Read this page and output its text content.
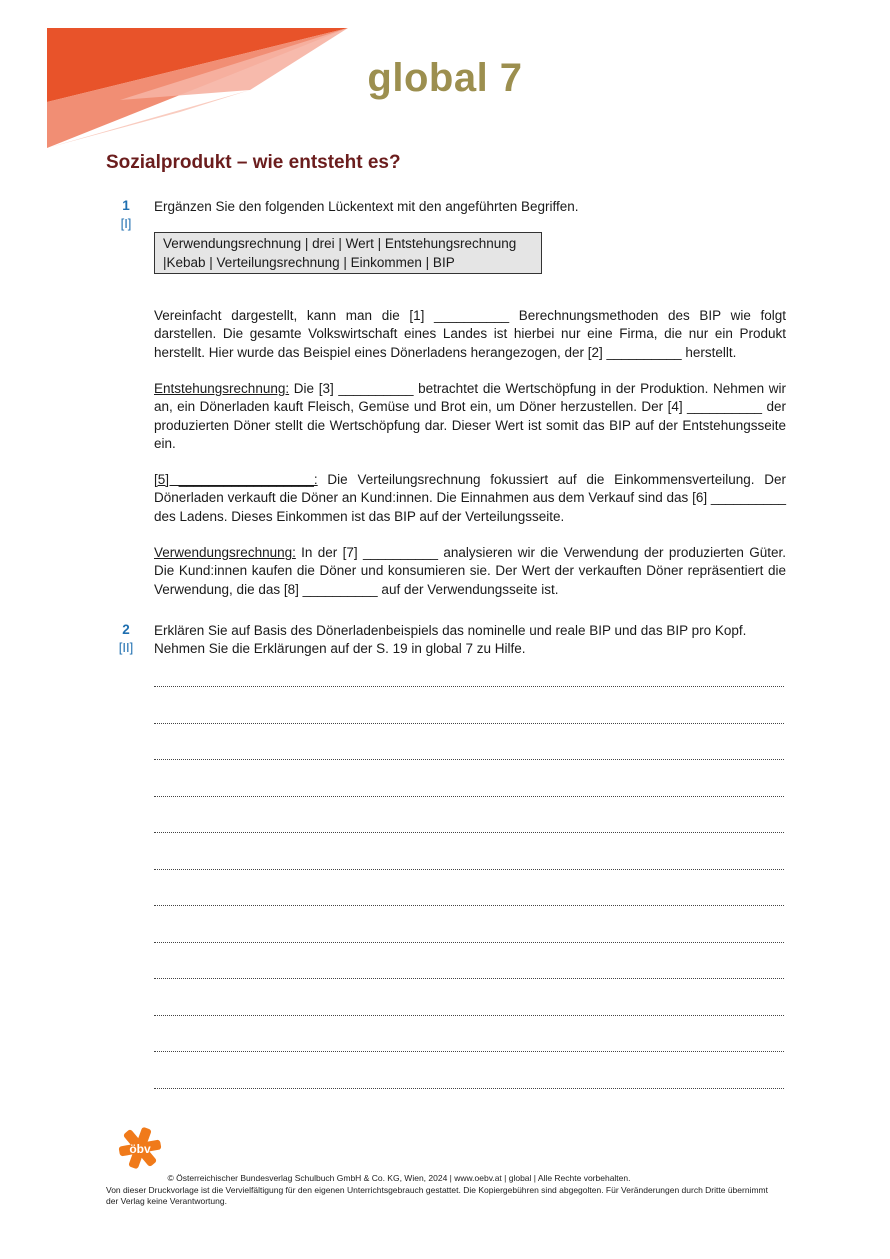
global 7
Sozialprodukt – wie entsteht es?
1
[I]
Ergänzen Sie den folgenden Lückentext mit den angeführten Begriffen.
Verwendungsrechnung | drei | Wert | Entstehungsrechnung
|Kebab | Verteilungsrechnung | Einkommen | BIP

Vereinfacht dargestellt, kann man die [1] __________ Berechnungsmethoden des BIP wie folgt darstellen. Die gesamte Volkswirtschaft eines Landes ist hierbei nur eine Firma, die nur ein Produkt herstellt. Hier wurde das Beispiel eines Dönerladens herangezogen, der [2] __________ herstellt.

Entstehungsrechnung: Die [3] __________ betrachtet die Wertschöpfung in der Produktion. Nehmen wir an, ein Dönerladen kauft Fleisch, Gemüse und Brot ein, um Döner herzustellen. Der [4] __________ der produzierten Döner stellt die Wertschöpfung dar. Dieser Wert ist somit das BIP auf der Entstehungsseite ein.

[5] __________________: Die Verteilungsrechnung fokussiert auf die Einkommensverteilung. Der Dönerladen verkauft die Döner an Kund:innen. Die Einnahmen aus dem Verkauf sind das [6] __________ des Ladens. Dieses Einkommen ist das BIP auf der Verteilungsseite.

Verwendungsrechnung: In der [7] __________ analysieren wir die Verwendung der produzierten Güter. Die Kund:innen kaufen die Döner und konsumieren sie. Der Wert der verkauften Döner repräsentiert die Verwendung, die das [8] __________ auf der Verwendungsseite ist.

2
[II]
Erklären Sie auf Basis des Dönerladenbeispiels das nominelle und reale BIP und das BIP pro Kopf.
Nehmen Sie die Erklärungen auf der S. 19 in global 7 zu Hilfe.
öbv
© Österreichischer Bundesverlag Schulbuch GmbH & Co. KG, Wien, 2024 | www.oebv.at | global | Alle Rechte vorbehalten.
Von dieser Druckvorlage ist die Vervielfältigung für den eigenen Unterrichtsgebrauch gestattet. Die Kopiergebühren sind abgegolten. Für Veränderungen durch Dritte übernimmt der Verlag keine Verantwortung.
